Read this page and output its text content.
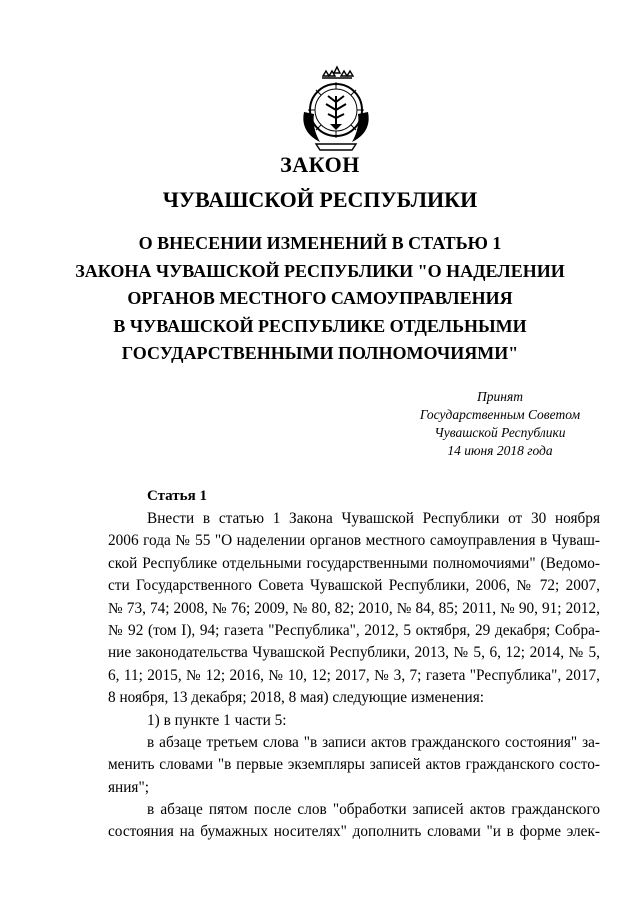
ЗАКОН
ЧУВАШСКОЙ РЕСПУБЛИКИ
О ВНЕСЕНИИ ИЗМЕНЕНИЙ В СТАТЬЮ 1
ЗАКОНА ЧУВАШСКОЙ РЕСПУБЛИКИ "О НАДЕЛЕНИИ
ОРГАНОВ МЕСТНОГО САМОУПРАВЛЕНИЯ
В ЧУВАШСКОЙ РЕСПУБЛИКЕ ОТДЕЛЬНЫМИ
ГОСУДАРСТВЕННЫМИ ПОЛНОМОЧИЯМИ"
Принят
Государственным Советом
Чувашской Республики
14 июня 2018 года
Статья 1
Внести в статью 1 Закона Чувашской Республики от 30 ноября
2006 года № 55 "О наделении органов местного самоуправления в Чуваш-
ской Республике отдельными государственными полномочиями" (Ведомо-
сти Государственного Совета Чувашской Республики, 2006, № 72; 2007,
№ 73, 74; 2008, № 76; 2009, № 80, 82; 2010, № 84, 85; 2011, № 90, 91; 2012,
№ 92 (том I), 94; газета "Республика", 2012, 5 октября, 29 декабря; Собра-
ние законодательства Чувашской Республики, 2013, № 5, 6, 12; 2014, № 5,
6, 11; 2015, № 12; 2016, № 10, 12; 2017, № 3, 7; газета "Республика", 2017,
8 ноября, 13 декабря; 2018, 8 мая) следующие изменения:
1) в пункте 1 части 5:
в абзаце третьем слова "в записи актов гражданского состояния" за-
менить словами "в первые экземпляры записей актов гражданского состо-
яния";
в абзаце пятом после слов "обработки записей актов гражданского
состояния на бумажных носителях" дополнить словами "и в форме элек-
